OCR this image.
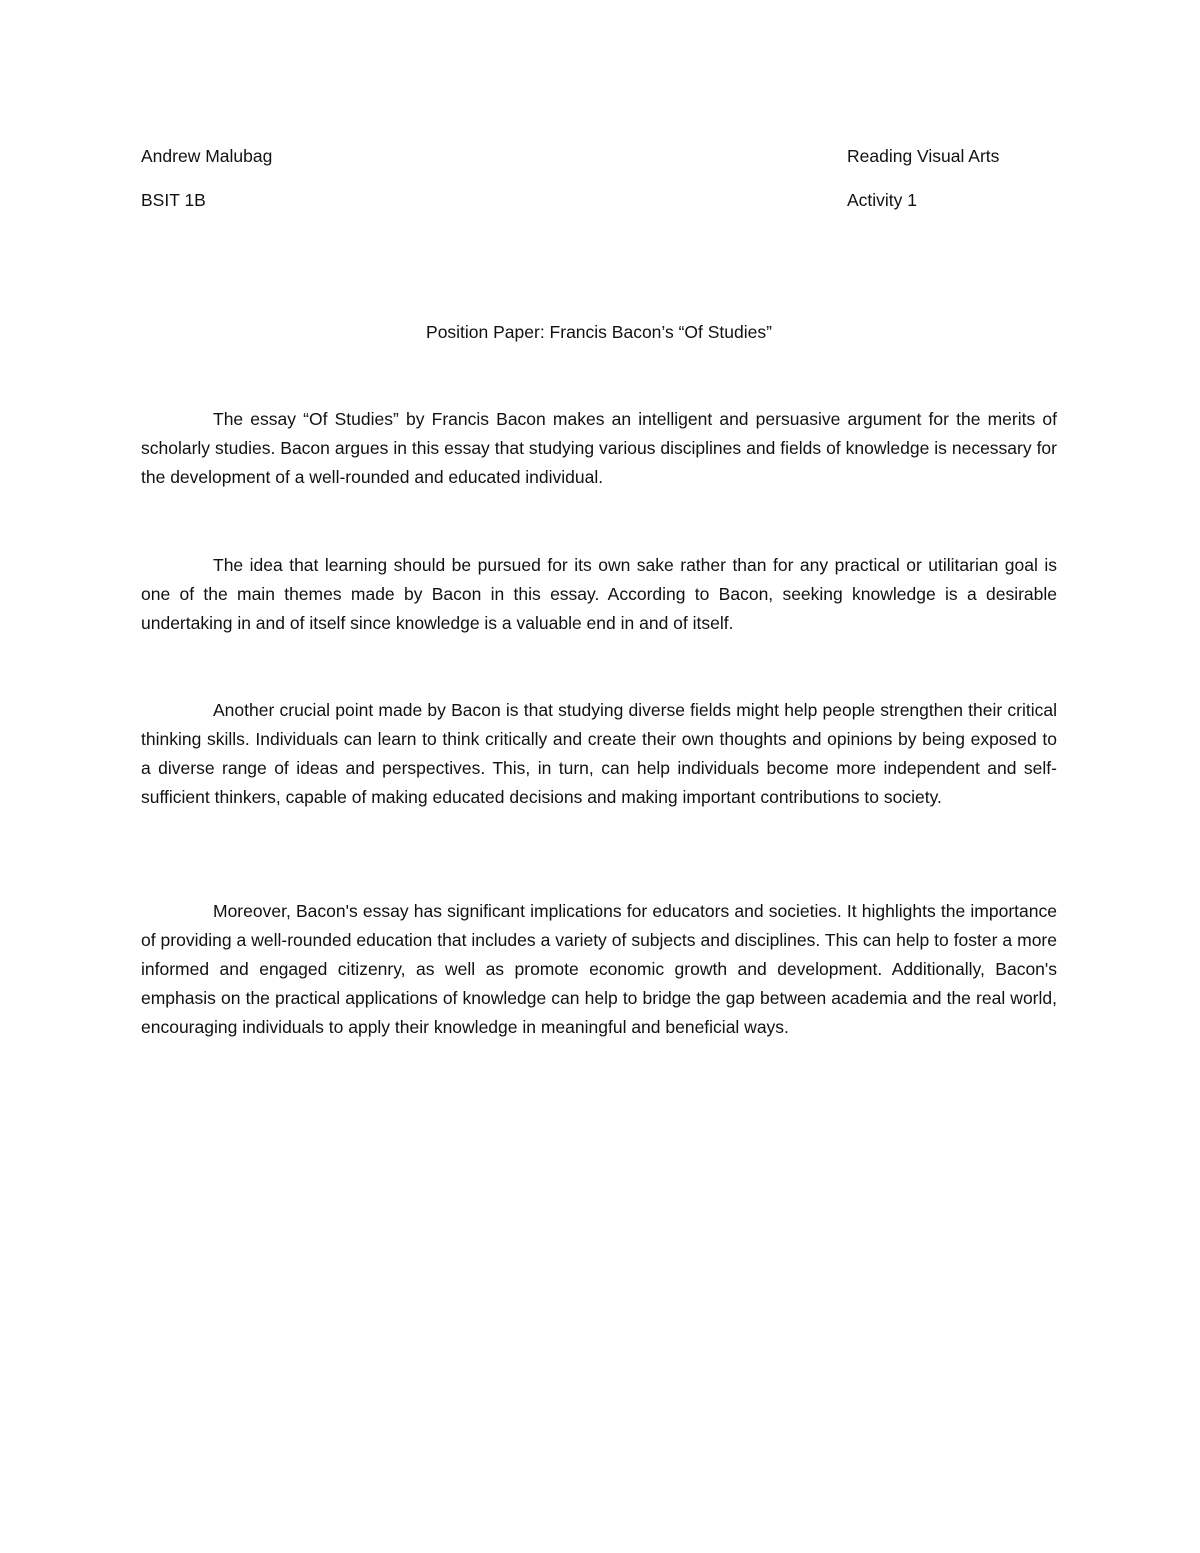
Andrew Malubag	Reading Visual Arts
BSIT 1B	Activity 1
Position Paper: Francis Bacon’s “Of Studies”

The essay “Of Studies” by Francis Bacon makes an intelligent and persuasive argument for the merits of scholarly studies. Bacon argues in this essay that studying various disciplines and fields of knowledge is necessary for the development of a well-rounded and educated individual.

The idea that learning should be pursued for its own sake rather than for any practical or utilitarian goal is one of the main themes made by Bacon in this essay. According to Bacon, seeking knowledge is a desirable undertaking in and of itself since knowledge is a valuable end in and of itself.

Another crucial point made by Bacon is that studying diverse fields might help people strengthen their critical thinking skills. Individuals can learn to think critically and create their own thoughts and opinions by being exposed to a diverse range of ideas and perspectives. This, in turn, can help individuals become more independent and self-sufficient thinkers, capable of making educated decisions and making important contributions to society.

Moreover, Bacon's essay has significant implications for educators and societies. It highlights the importance of providing a well-rounded education that includes a variety of subjects and disciplines. This can help to foster a more informed and engaged citizenry, as well as promote economic growth and development. Additionally, Bacon's emphasis on the practical applications of knowledge can help to bridge the gap between academia and the real world, encouraging individuals to apply their knowledge in meaningful and beneficial ways.
